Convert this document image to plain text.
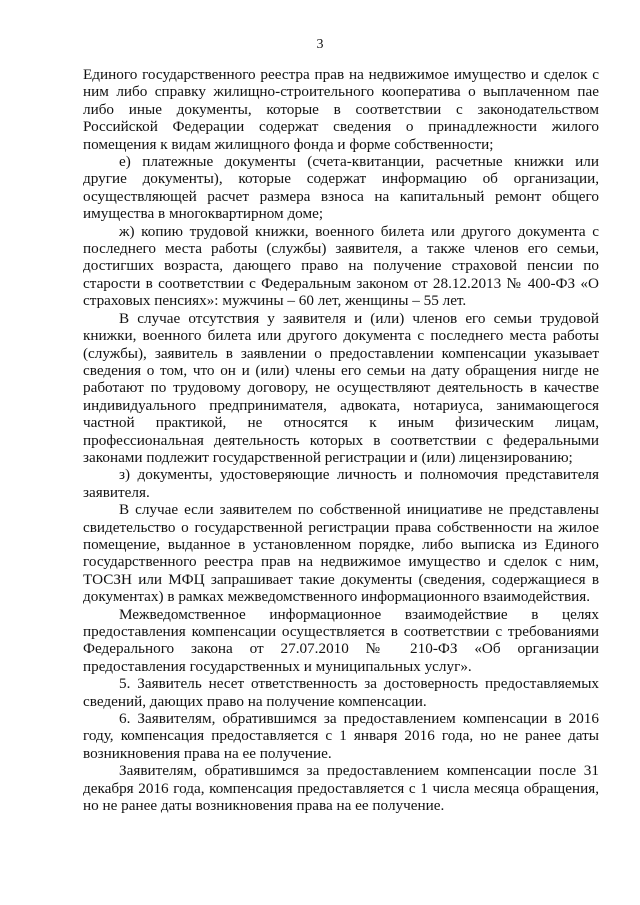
3

Единого государственного реестра прав на недвижимое имущество и сделок с ним либо справку жилищно-строительного кооператива о выплаченном пае либо иные документы, которые в соответствии с законодательством Российской Федерации содержат сведения о принадлежности жилого помещения к видам жилищного фонда и форме собственности;

е) платежные документы (счета-квитанции, расчетные книжки или другие документы), которые содержат информацию об организации, осуществляющей расчет размера взноса на капитальный ремонт общего имущества в многоквартирном доме;

ж) копию трудовой книжки, военного билета или другого документа с последнего места работы (службы) заявителя, а также членов его семьи, достигших возраста, дающего право на получение страховой пенсии по старости в соответствии с Федеральным законом от 28.12.2013 № 400-ФЗ «О страховых пенсиях»: мужчины – 60 лет, женщины – 55 лет.

В случае отсутствия у заявителя и (или) членов его семьи трудовой книжки, военного билета или другого документа с последнего места работы (службы), заявитель в заявлении о предоставлении компенсации указывает сведения о том, что он и (или) члены его семьи на дату обращения нигде не работают по трудовому договору, не осуществляют деятельность в качестве индивидуального предпринимателя, адвоката, нотариуса, занимающегося частной практикой, не относятся к иным физическим лицам, профессиональная деятельность которых в соответствии с федеральными законами подлежит государственной регистрации и (или) лицензированию;

з) документы, удостоверяющие личность и полномочия представителя заявителя.

В случае если заявителем по собственной инициативе не представлены свидетельство о государственной регистрации права собственности на жилое помещение, выданное в установленном порядке, либо выписка из Единого государственного реестра прав на недвижимое имущество и сделок с ним, ТОСЗН или МФЦ запрашивает такие документы (сведения, содержащиеся в документах) в рамках межведомственного информационного взаимодействия.

Межведомственное информационное взаимодействие в целях предоставления компенсации осуществляется в соответствии с требованиями Федерального закона от 27.07.2010 № 210-ФЗ «Об организации предоставления государственных и муниципальных услуг».

5. Заявитель несет ответственность за достоверность предоставляемых сведений, дающих право на получение компенсации.

6. Заявителям, обратившимся за предоставлением компенсации в 2016 году, компенсация предоставляется с 1 января 2016 года, но не ранее даты возникновения права на ее получение.

Заявителям, обратившимся за предоставлением компенсации после 31 декабря 2016 года, компенсация предоставляется с 1 числа месяца обращения, но не ранее даты возникновения права на ее получение.
